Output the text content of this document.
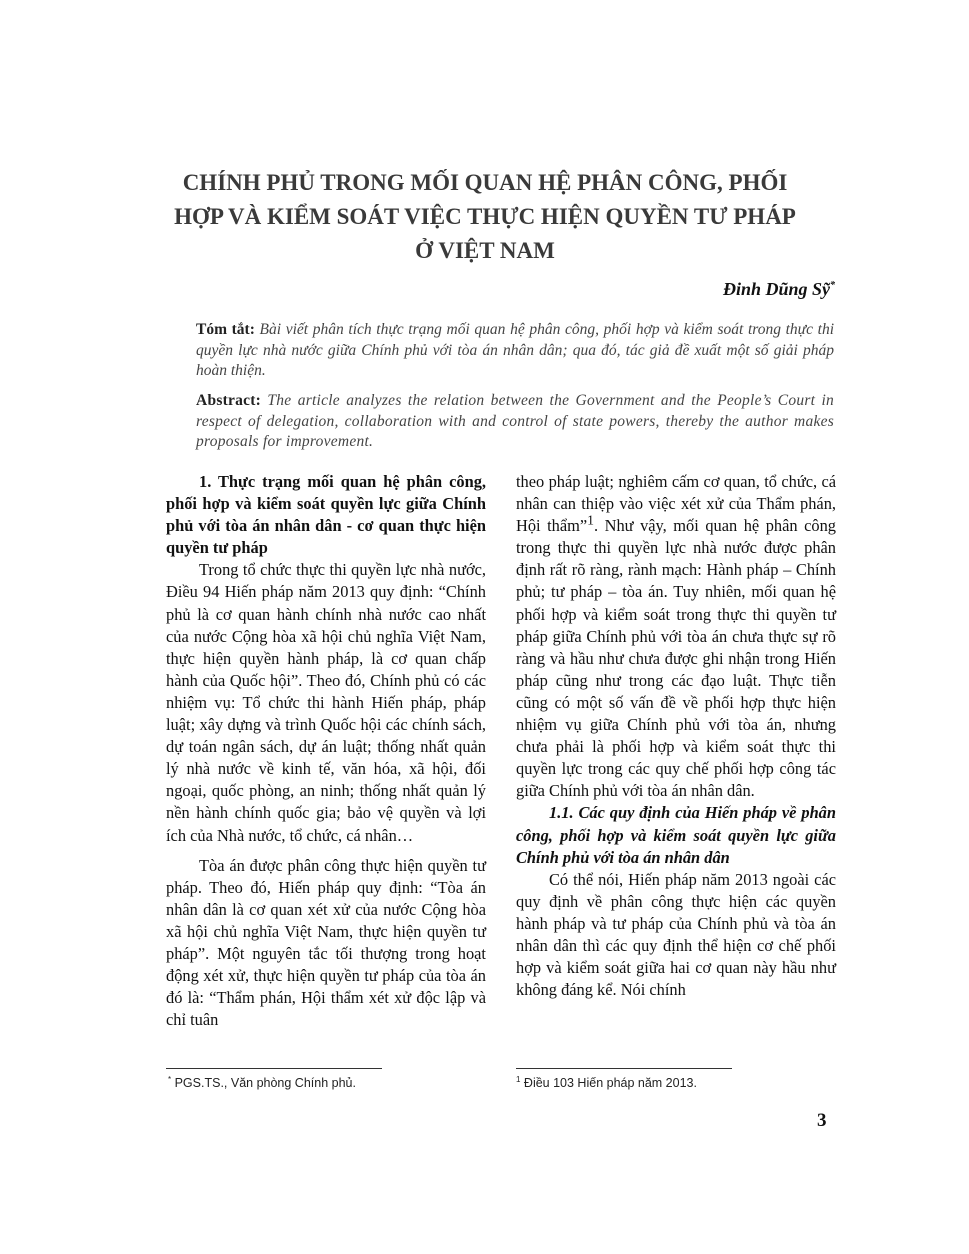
CHÍNH PHỦ TRONG MỐI QUAN HỆ PHÂN CÔNG, PHỐI
HỢP VÀ KIỂM SOÁT VIỆC THỰC HIỆN QUYỀN TƯ PHÁP
Ở VIỆT NAM
Đinh Dũng Sỹ*

Tóm tắt: Bài viết phân tích thực trạng mối quan hệ phân công, phối hợp và kiểm soát trong thực thi quyền lực nhà nước giữa Chính phủ với tòa án nhân dân; qua đó, tác giả đề xuất một số giải pháp hoàn thiện.

Abstract: The article analyzes the relation between the Government and the People’s Court in respect of delegation, collaboration with and control of state powers, thereby the author makes proposals for improvement.

1. Thực trạng mối quan hệ phân công, phối hợp và kiểm soát quyền lực giữa Chính phủ với tòa án nhân dân - cơ quan thực hiện quyền tư pháp

Trong tổ chức thực thi quyền lực nhà nước, Điều 94 Hiến pháp năm 2013 quy định: “Chính phủ là cơ quan hành chính nhà nước cao nhất của nước Cộng hòa xã hội chủ nghĩa Việt Nam, thực hiện quyền hành pháp, là cơ quan chấp hành của Quốc hội”. Theo đó, Chính phủ có các nhiệm vụ: Tổ chức thi hành Hiến pháp, pháp luật; xây dựng và trình Quốc hội các chính sách, dự toán ngân sách, dự án luật; thống nhất quản lý nhà nước về kinh tế, văn hóa, xã hội, đối ngoại, quốc phòng, an ninh; thống nhất quản lý nền hành chính quốc gia; bảo vệ quyền và lợi ích của Nhà nước, tổ chức, cá nhân…

Tòa án được phân công thực hiện quyền tư pháp. Theo đó, Hiến pháp quy định: “Tòa án nhân dân là cơ quan xét xử của nước Cộng hòa xã hội chủ nghĩa Việt Nam, thực hiện quyền tư pháp”. Một nguyên tắc tối thượng trong hoạt động xét xử, thực hiện quyền tư pháp của tòa án đó là: “Thẩm phán, Hội thẩm xét xử độc lập và chỉ tuân

theo pháp luật; nghiêm cấm cơ quan, tổ chức, cá nhân can thiệp vào việc xét xử của Thẩm phán, Hội thẩm”$^1$. Như vậy, mối quan hệ phân công trong thực thi quyền lực nhà nước được phân định rất rõ ràng, rành mạch: Hành pháp – Chính phủ; tư pháp – tòa án. Tuy nhiên, mối quan hệ phối hợp và kiểm soát trong thực thi quyền tư pháp giữa Chính phủ với tòa án chưa thực sự rõ ràng và hầu như chưa được ghi nhận trong Hiến pháp cũng như trong các đạo luật. Thực tiễn cũng có một số vấn đề về phối hợp thực hiện nhiệm vụ giữa Chính phủ với tòa án, nhưng chưa phải là phối hợp và kiểm soát thực thi quyền lực trong các quy chế phối hợp công tác giữa Chính phủ với tòa án nhân dân.

1.1. Các quy định của Hiến pháp về phân công, phối hợp và kiểm soát quyền lực giữa Chính phủ với tòa án nhân dân

Có thể nói, Hiến pháp năm 2013 ngoài các quy định về phân công thực hiện các quyền hành pháp và tư pháp của Chính phủ và tòa án nhân dân thì các quy định thể hiện cơ chế phối hợp và kiểm soát giữa hai cơ quan này hầu như không đáng kể. Nói chính

* PGS.TS., Văn phòng Chính phủ.	$^1$ Điều 103 Hiến pháp năm 2013.
3
